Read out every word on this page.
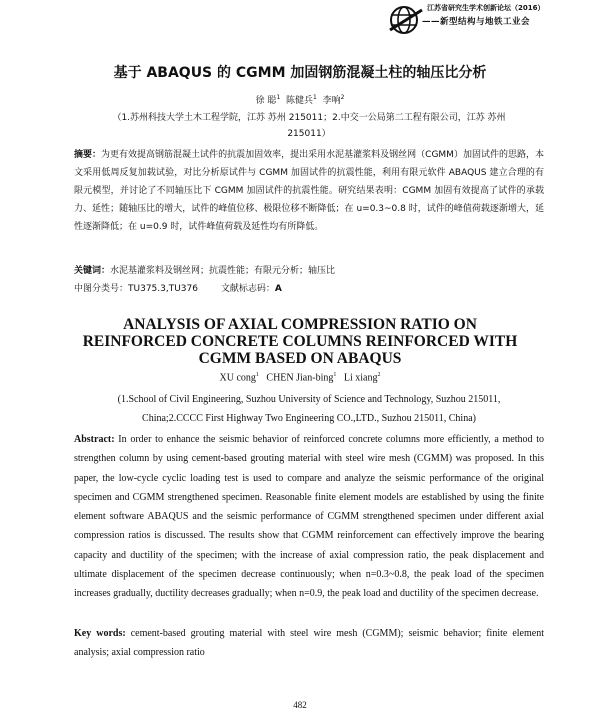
江苏省研究生学术创新论坛（2016）
——新型结构与地铁工业会
基于 ABAQUS 的 CGMM 加固钢筋混凝土柱的轴压比分析
徐 聪$^1$ 陈健兵$^1$ 李响$^2$
（1.苏州科技大学土木工程学院，江苏 苏州 215011；2.中交一公局第二工程有限公司，江苏 苏州
215011）
摘要：为更有效提高钢筋混凝土试件的抗震加固效率，提出采用水泥基灌浆料及钢丝网（CGMM）加固试件的思路，本文采用低周反复加载试验，对比分析原试件与 CGMM 加固试件的抗震性能，利用有限元软件 ABAQUS 建立合理的有限元模型，并讨论了不同轴压比下 CGMM 加固试件的抗震性能。研究结果表明：CGMM 加固有效提高了试件的承载力、延性；随轴压比的增大，试件的峰值位移、极限位移不断降低；在 u=0.3~0.8 时，试件的峰值荷载逐渐增大，延性逐渐降低；在 u=0.9 时，试件峰值荷载及延性均有所降低。
关键词：水泥基灌浆料及钢丝网；抗震性能；有限元分析；轴压比
中图分类号：TU375.3,TU376	文献标志码：A
ANALYSIS OF AXIAL COMPRESSION RATIO ON
REINFORCED CONCRETE COLUMNS REINFORCED WITH
CGMM BASED ON ABAQUS
XU cong$^1$ CHEN Jian-bing$^1$ Li xiang$^2$
(1.School of Civil Engineering, Suzhou University of Science and Technology, Suzhou 215011,
China;2.CCCC First Highway Two Engineering CO.,LTD., Suzhou 215011, China)
Abstract: In order to enhance the seismic behavior of reinforced concrete columns more efficiently, a method to strengthen column by using cement-based grouting material with steel wire mesh (CGMM) was proposed. In this paper, the low-cycle cyclic loading test is used to compare and analyze the seismic performance of the original specimen and CGMM strengthened specimen. Reasonable finite element models are established by using the finite element software ABAQUS and the seismic performance of CGMM strengthened specimen under different axial compression ratios is discussed. The results show that CGMM reinforcement can effectively improve the bearing capacity and ductility of the specimen; with the increase of axial compression ratio, the peak displacement and ultimate displacement of the specimen decrease continuously; when n=0.3~0.8, the peak load of the specimen increases gradually, ductility decreases gradually; when n=0.9, the peak load and ductility of the specimen decrease.
Key words: cement-based grouting material with steel wire mesh (CGMM); seismic behavior; finite element analysis; axial compression ratio
482
